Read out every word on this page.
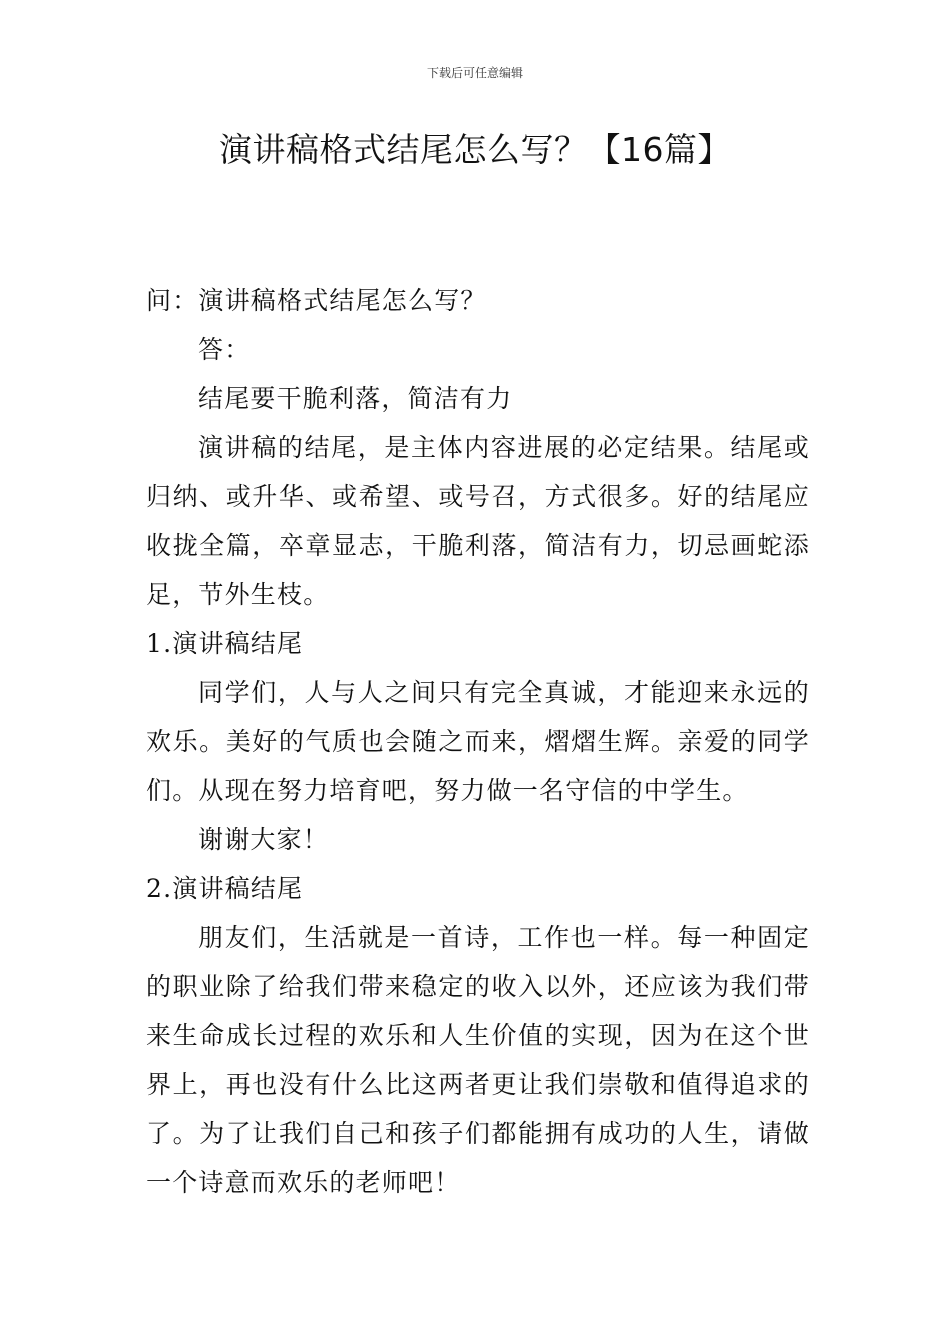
下载后可任意编辑
演讲稿格式结尾怎么写？【16篇】

问：演讲稿格式结尾怎么写？

答：

结尾要干脆利落，简洁有力

演讲稿的结尾，是主体内容进展的必定结果。结尾或归纳、或升华、或希望、或号召，方式很多。好的结尾应收拢全篇，卒章显志，干脆利落，简洁有力，切忌画蛇添足，节外生枝。

1.演讲稿结尾

同学们，人与人之间只有完全真诚，才能迎来永远的欢乐。美好的气质也会随之而来，熠熠生辉。亲爱的同学们。从现在努力培育吧，努力做一名守信的中学生。

谢谢大家！

2.演讲稿结尾

朋友们，生活就是一首诗，工作也一样。每一种固定的职业除了给我们带来稳定的收入以外，还应该为我们带来生命成长过程的欢乐和人生价值的实现，因为在这个世界上，再也没有什么比这两者更让我们崇敬和值得追求的了。为了让我们自己和孩子们都能拥有成功的人生，请做一个诗意而欢乐的老师吧！
